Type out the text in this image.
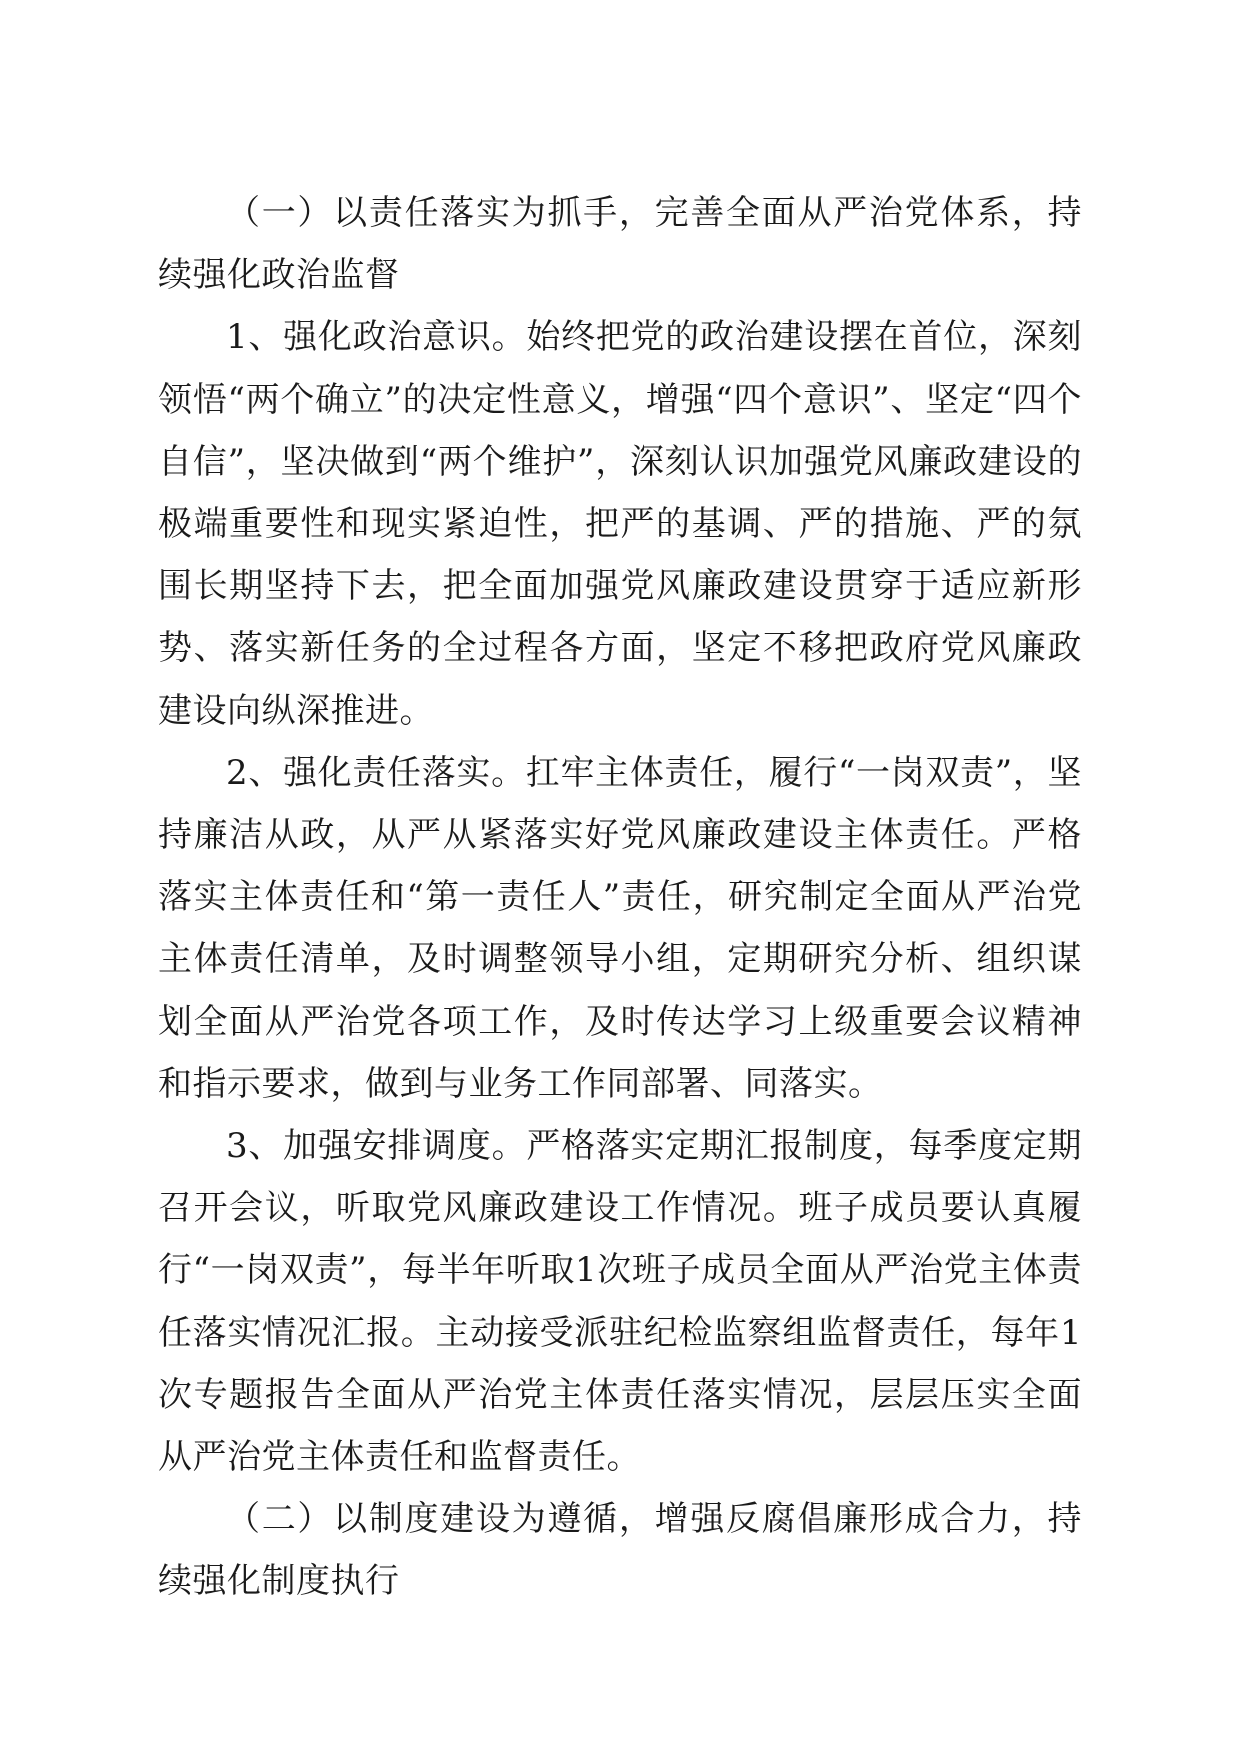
（一）以责任落实为抓手，完善全面从严治党体系，持续强化政治监督

1、强化政治意识。始终把党的政治建设摆在首位，深刻领悟“两个确立”的决定性意义，增强“四个意识”、坚定“四个自信”，坚决做到“两个维护”，深刻认识加强党风廉政建设的极端重要性和现实紧迫性，把严的基调、严的措施、严的氛围长期坚持下去，把全面加强党风廉政建设贯穿于适应新形势、落实新任务的全过程各方面，坚定不移把政府党风廉政建设向纵深推进。

2、强化责任落实。扛牢主体责任，履行“一岗双责”，坚持廉洁从政，从严从紧落实好党风廉政建设主体责任。严格落实主体责任和“第一责任人”责任，研究制定全面从严治党主体责任清单，及时调整领导小组，定期研究分析、组织谋划全面从严治党各项工作，及时传达学习上级重要会议精神和指示要求，做到与业务工作同部署、同落实。

3、加强安排调度。严格落实定期汇报制度，每季度定期召开会议，听取党风廉政建设工作情况。班子成员要认真履行“一岗双责”，每半年听取1次班子成员全面从严治党主体责任落实情况汇报。主动接受派驻纪检监察组监督责任，每年1次专题报告全面从严治党主体责任落实情况，层层压实全面从严治党主体责任和监督责任。

（二）以制度建设为遵循，增强反腐倡廉形成合力，持续强化制度执行
